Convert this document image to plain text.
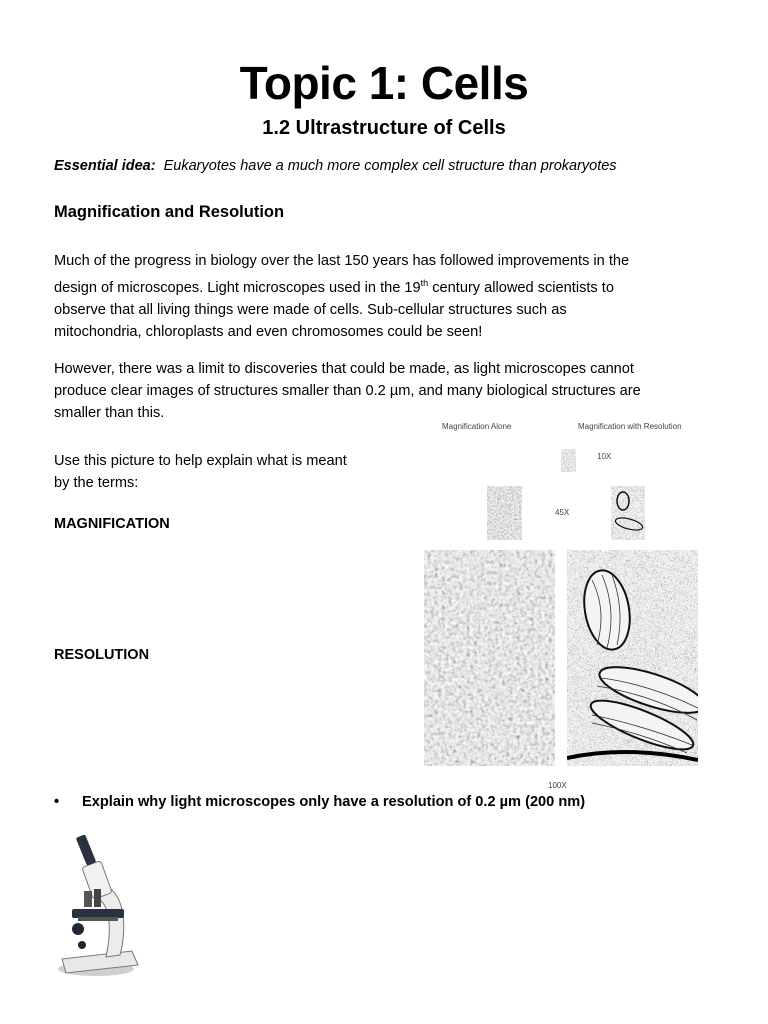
Topic 1: Cells
1.2 Ultrastructure of Cells
Essential idea: Eukaryotes have a much more complex cell structure than prokaryotes
Magnification and Resolution
Much of the progress in biology over the last 150 years has followed improvements in the
design of microscopes. Light microscopes used in the 19th century allowed scientists to
observe that all living things were made of cells. Sub-cellular structures such as
mitochondria, chloroplasts and even chromosomes could be seen!
However, there was a limit to discoveries that could be made, as light microscopes cannot
produce clear images of structures smaller than 0.2 µm, and many biological structures are
smaller than this.
Use this picture to help explain what is meant
by the terms:
MAGNIFICATION
RESOLUTION
Magnification Alone	Magnification with Resolution
10X
45X
100X
• Explain why light microscopes only have a resolution of 0.2 µm (200 nm)
